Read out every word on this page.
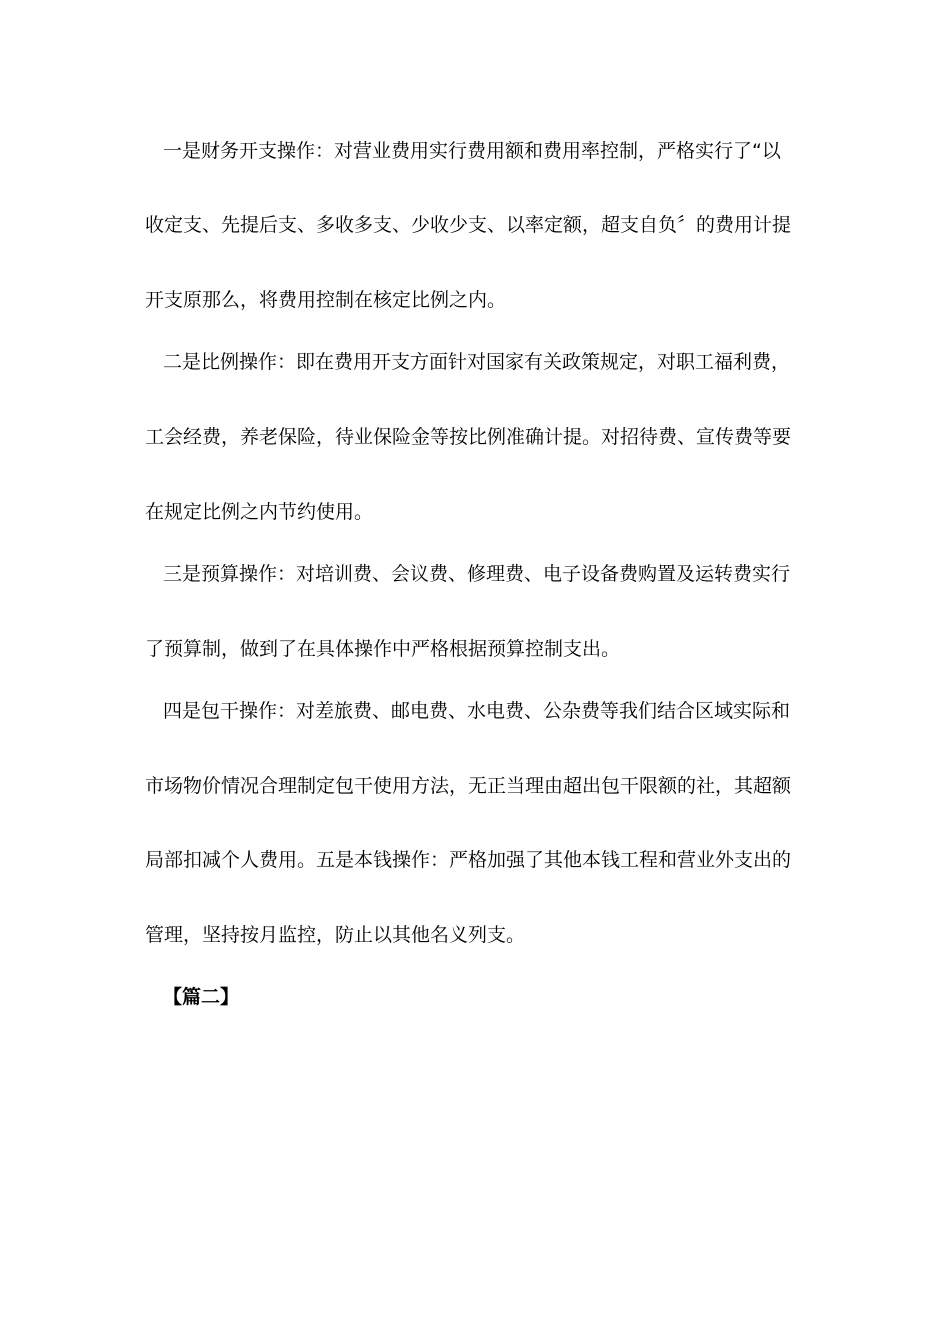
一是财务开支操作：对营业费用实行费用额和费用率控制，严格实行了“以
收定支、先提后支、多收多支、少收少支、以率定额，超支自负〞的费用计提
开支原那么，将费用控制在核定比例之内。
二是比例操作：即在费用开支方面针对国家有关政策规定，对职工福利费，
工会经费，养老保险，待业保险金等按比例准确计提。对招待费、宣传费等要
在规定比例之内节约使用。
三是预算操作：对培训费、会议费、修理费、电子设备费购置及运转费实行
了预算制，做到了在具体操作中严格根据预算控制支出。
四是包干操作：对差旅费、邮电费、水电费、公杂费等我们结合区域实际和
市场物价情况合理制定包干使用方法，无正当理由超出包干限额的社，其超额
局部扣减个人费用。五是本钱操作：严格加强了其他本钱工程和营业外支出的
管理，坚持按月监控，防止以其他名义列支。
【篇二】
